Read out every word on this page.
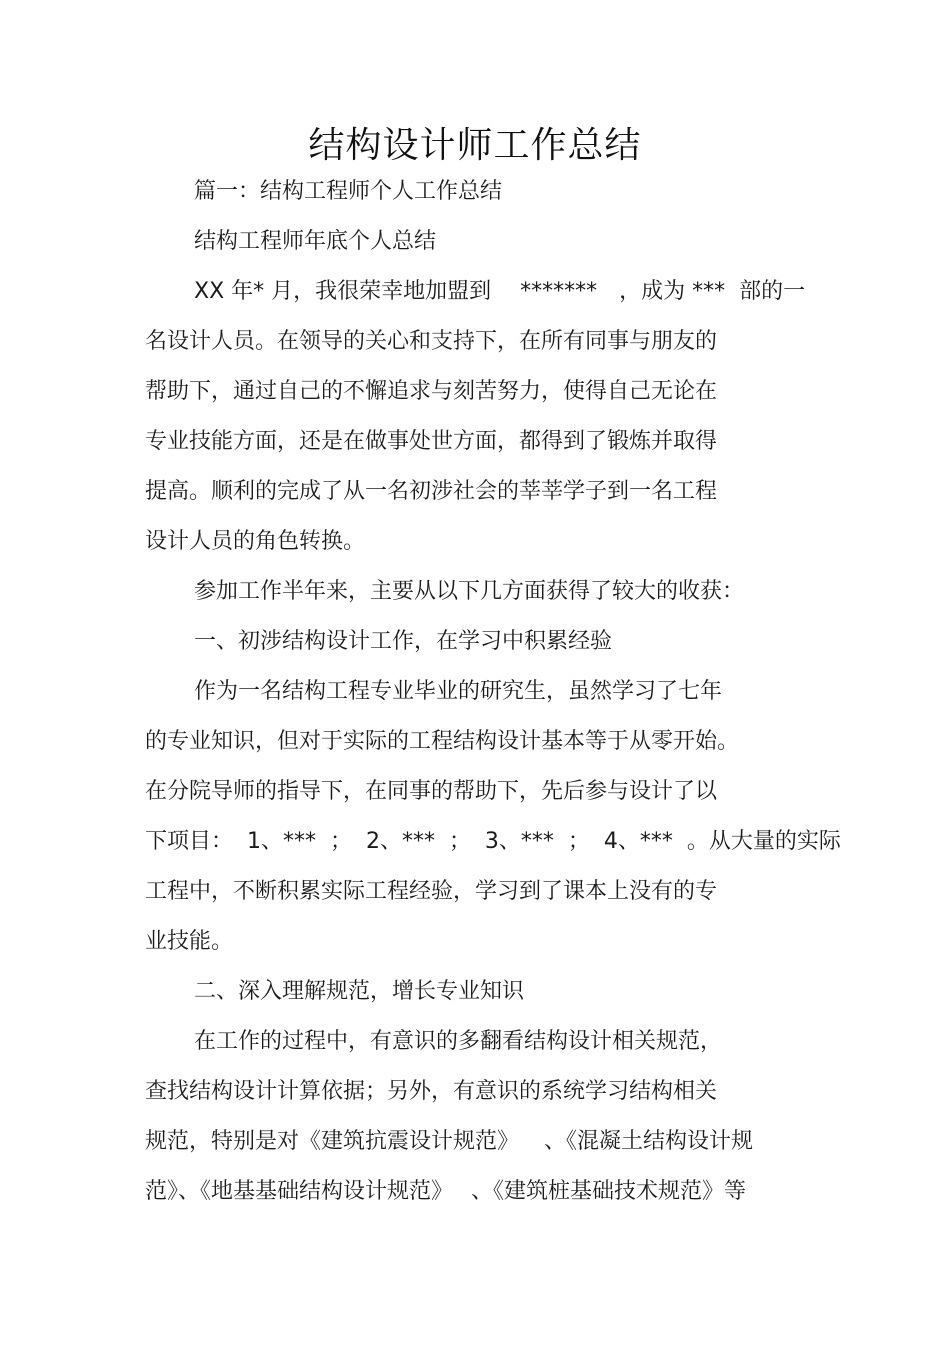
结构设计师工作总结
篇一：结构工程师个人工作总结
结构工程师年底个人总结
XX 年* 月，我很荣幸地加盟到　 *******　，成为 ***  部的一
名设计人员。在领导的关心和支持下，在所有同事与朋友的
帮助下，通过自己的不懈追求与刻苦努力，使得自己无论在
专业技能方面，还是在做事处世方面，都得到了锻炼并取得
提高。顺利的完成了从一名初涉社会的莘莘学子到一名工程
设计人员的角色转换。
参加工作半年来，主要从以下几方面获得了较大的收获：
一、初涉结构设计工作，在学习中积累经验
作为一名结构工程专业毕业的研究生，虽然学习了七年
的专业知识，但对于实际的工程结构设计基本等于从零开始。
在分院导师的指导下，在同事的帮助下，先后参与设计了以
下项目：  1、***  ；  2、***  ；  3、***  ；  4、***  。从大量的实际
工程中，不断积累实际工程经验，学习到了课本上没有的专
业技能。
二、深入理解规范，增长专业知识
在工作的过程中，有意识的多翻看结构设计相关规范，
查找结构设计计算依据；另外，有意识的系统学习结构相关
规范，特别是对《建筑抗震设计规范》　  、《混凝土结构设计规
范》、《地基基础结构设计规范》　 、《建筑桩基础技术规范》等
